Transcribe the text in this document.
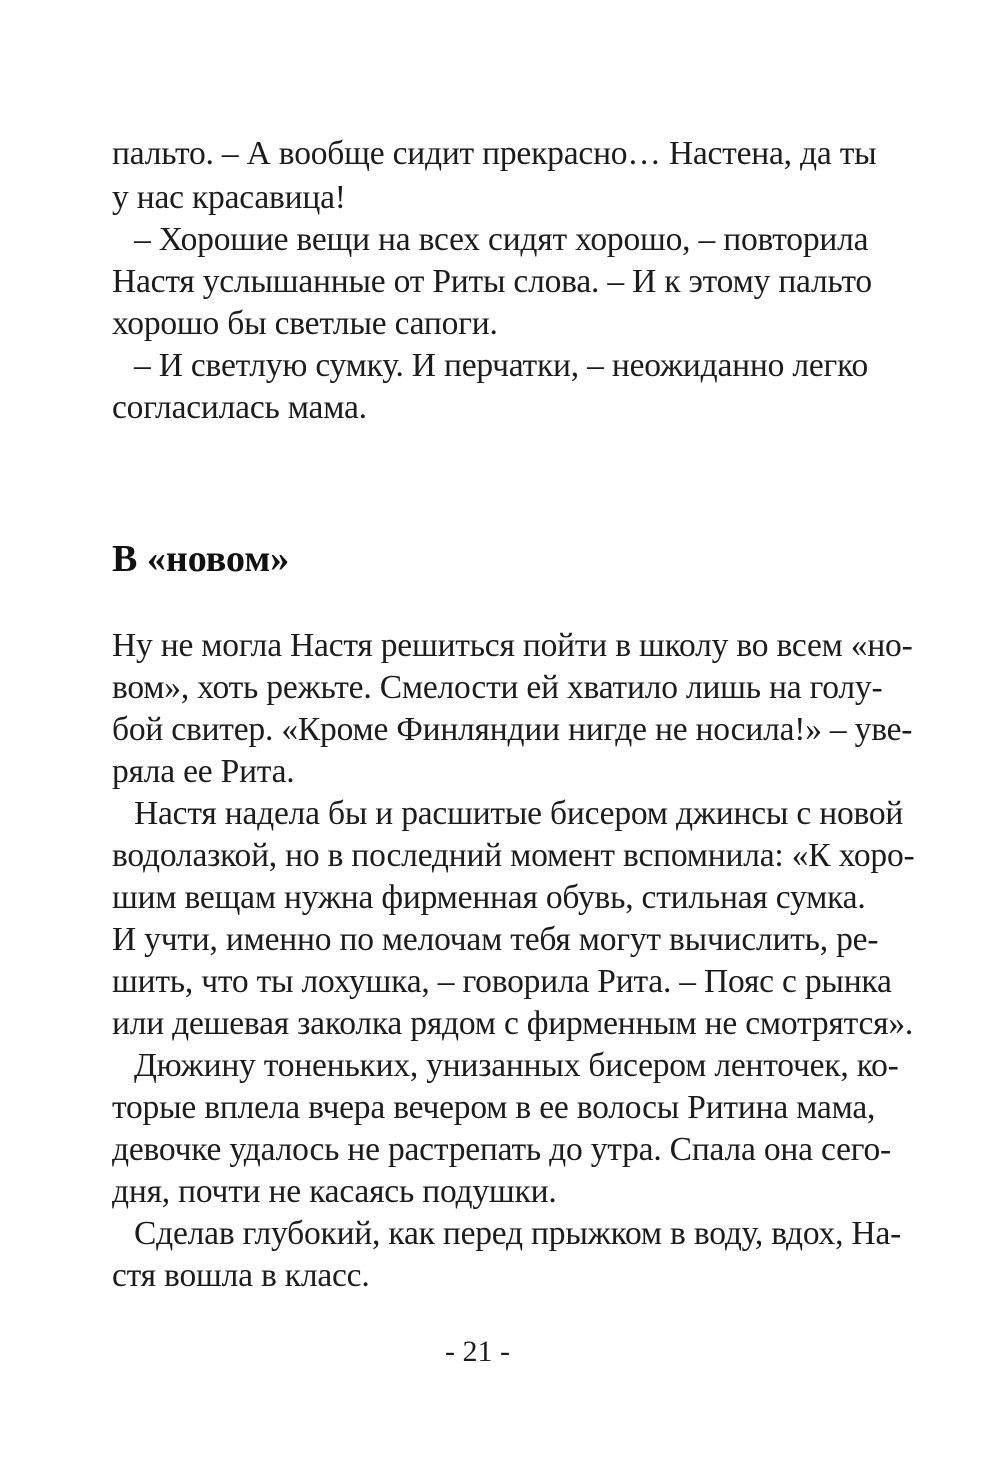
пальто. – А вообще сидит прекрасно… Настена, да ты
у нас красавица!
– Хорошие вещи на всех сидят хорошо, – повторила
Настя услышанные от Риты слова. – И к этому пальто
хорошо бы светлые сапоги.
– И светлую сумку. И перчатки, – неожиданно легко
согласилась мама.
В «новом»
Ну не могла Настя решиться пойти в школу во всем «но-
вом», хоть режьте. Смелости ей хватило лишь на голу-
бой свитер. «Кроме Финляндии нигде не носила!» – уве-
ряла ее Рита.
Настя надела бы и расшитые бисером джинсы с новой
водолазкой, но в последний момент вспомнила: «К хоро-
шим вещам нужна фирменная обувь, стильная сумка.
И учти, именно по мелочам тебя могут вычислить, ре-
шить, что ты лохушка, – говорила Рита. – Пояс с рынка
или дешевая заколка рядом с фирменным не смотрятся».
Дюжину тоненьких, унизанных бисером ленточек, ко-
торые вплела вчера вечером в ее волосы Ритина мама,
девочке удалось не растрепать до утра. Спала она сего-
дня, почти не касаясь подушки.
Сделав глубокий, как перед прыжком в воду, вдох, На-
стя вошла в класс.
- 21 -
